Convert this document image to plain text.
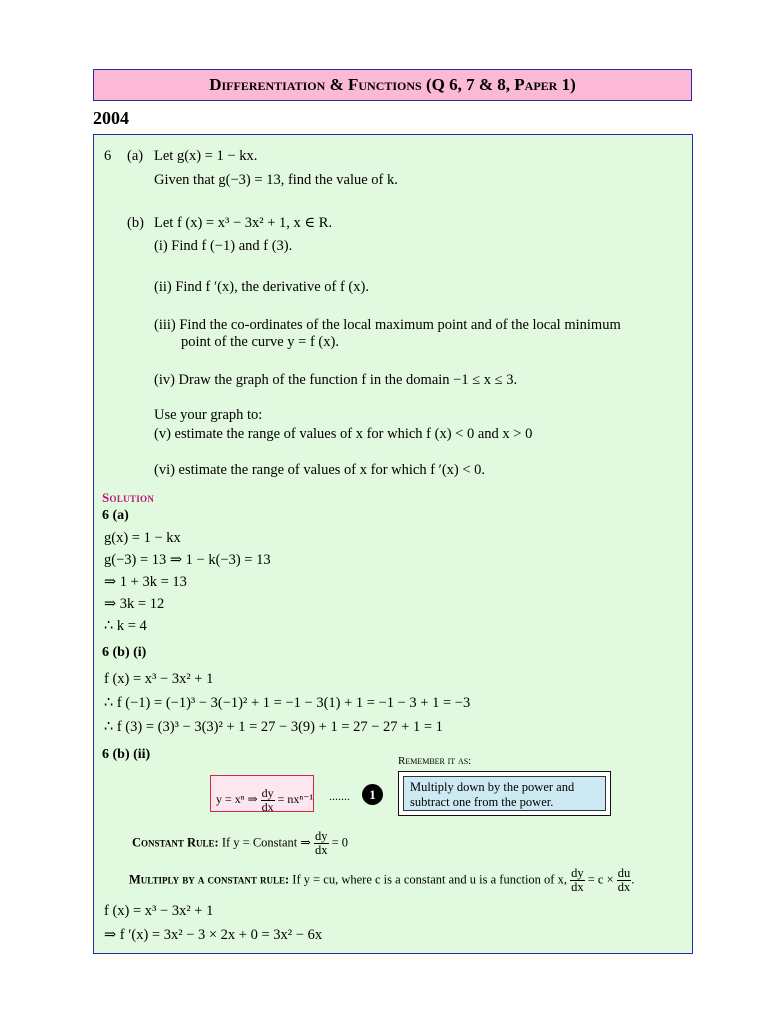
Differentiation & Functions (Q 6, 7 & 8, Paper 1)
2004
6 (a) Let g(x) = 1 − kx.
Given that g(−3) = 13, find the value of k.
(b) Let f (x) = x³ − 3x² + 1, x ∈ R.
(i) Find f (−1) and f (3).
(ii) Find f ′(x), the derivative of f (x).
(iii) Find the co-ordinates of the local maximum point and of the local minimum
point of the curve y = f (x).
(iv) Draw the graph of the function f in the domain −1 ≤ x ≤ 3.
Use your graph to:
(v) estimate the range of values of x for which f (x) < 0 and x > 0
(vi) estimate the range of values of x for which f ′(x) < 0.
Solution
6 (a)
g(x) = 1 − kx
g(−3) = 13 ⇒ 1 − k(−3) = 13
⇒ 1 + 3k = 13
⇒ 3k = 12
∴ k = 4
6 (b) (i)
f (x) = x³ − 3x² + 1
∴ f (−1) = (−1)³ − 3(−1)² + 1 = −1 − 3(1) + 1 = −1 − 3 + 1 = −3
∴ f (3) = (3)³ − 3(3)² + 1 = 27 − 3(9) + 1 = 27 − 27 + 1 = 1
6 (b) (ii)	Remember it as:
y = xⁿ ⇒ $\frac{dy}{dx} = nx^{n-1}$ .......	1	Multiply down by the power and
subtract one from the power.
Constant Rule: If y = Constant ⇒ $\frac{dy}{dx} = 0$
Multiply by a constant rule: If y = cu, where c is a constant and u is a function of x, $\frac{dy}{dx} = c \times \frac{du}{dx}$ .
f (x) = x³ − 3x² + 1
⇒ f ′(x) = 3x² − 3 × 2x + 0 = 3x² − 6x
